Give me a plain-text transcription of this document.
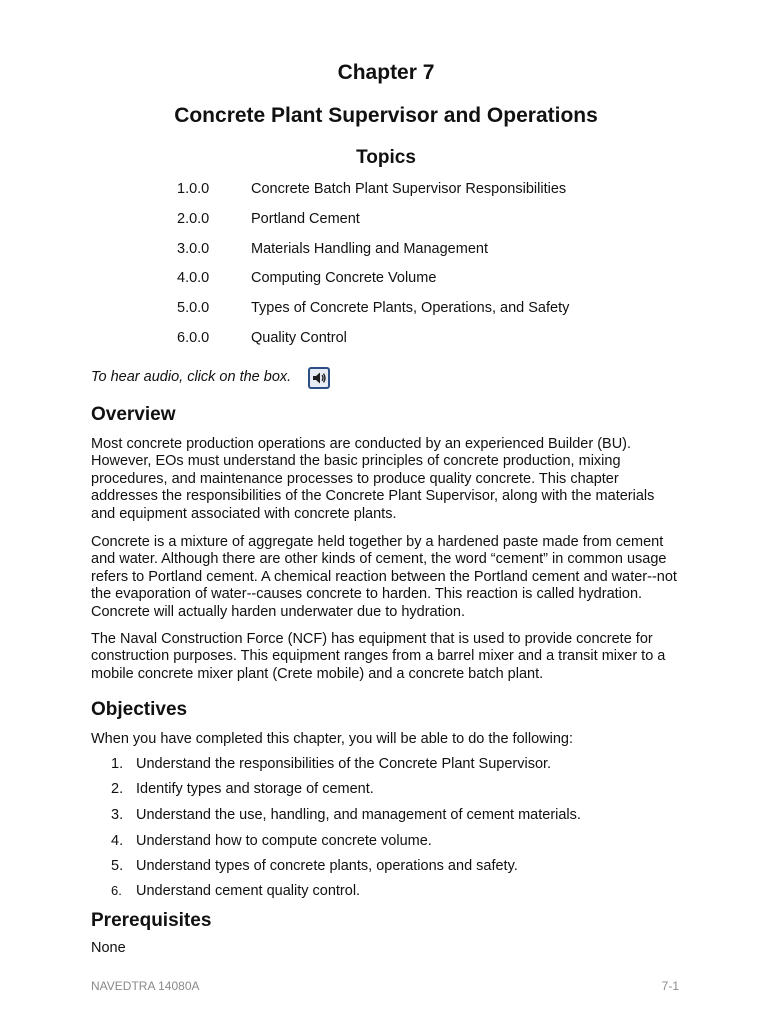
Chapter 7
Concrete Plant Supervisor and Operations
Topics
1.0.0	Concrete Batch Plant Supervisor Responsibilities
2.0.0	Portland Cement
3.0.0	Materials Handling and Management
4.0.0	Computing Concrete Volume
5.0.0	Types of Concrete Plants, Operations, and Safety
6.0.0	Quality Control
To hear audio, click on the box.
Overview
Most concrete production operations are conducted by an experienced Builder (BU). However, EOs must understand the basic principles of concrete production, mixing procedures, and maintenance processes to produce quality concrete. This chapter addresses the responsibilities of the Concrete Plant Supervisor, along with the materials and equipment associated with concrete plants.
Concrete is a mixture of aggregate held together by a hardened paste made from cement and water. Although there are other kinds of cement, the word “cement” in common usage refers to Portland cement. A chemical reaction between the Portland cement and water--not the evaporation of water--causes concrete to harden. This reaction is called hydration. Concrete will actually harden underwater due to hydration.
The Naval Construction Force (NCF) has equipment that is used to provide concrete for construction purposes. This equipment ranges from a barrel mixer and a transit mixer to a mobile concrete mixer plant (Crete mobile) and a concrete batch plant.
Objectives
When you have completed this chapter, you will be able to do the following:
1. Understand the responsibilities of the Concrete Plant Supervisor.
2. Identify types and storage of cement.
3. Understand the use, handling, and management of cement materials.
4. Understand how to compute concrete volume.
5. Understand types of concrete plants, operations and safety.
6. Understand cement quality control.
Prerequisites
None
NAVEDTRA 14080A	7-1
